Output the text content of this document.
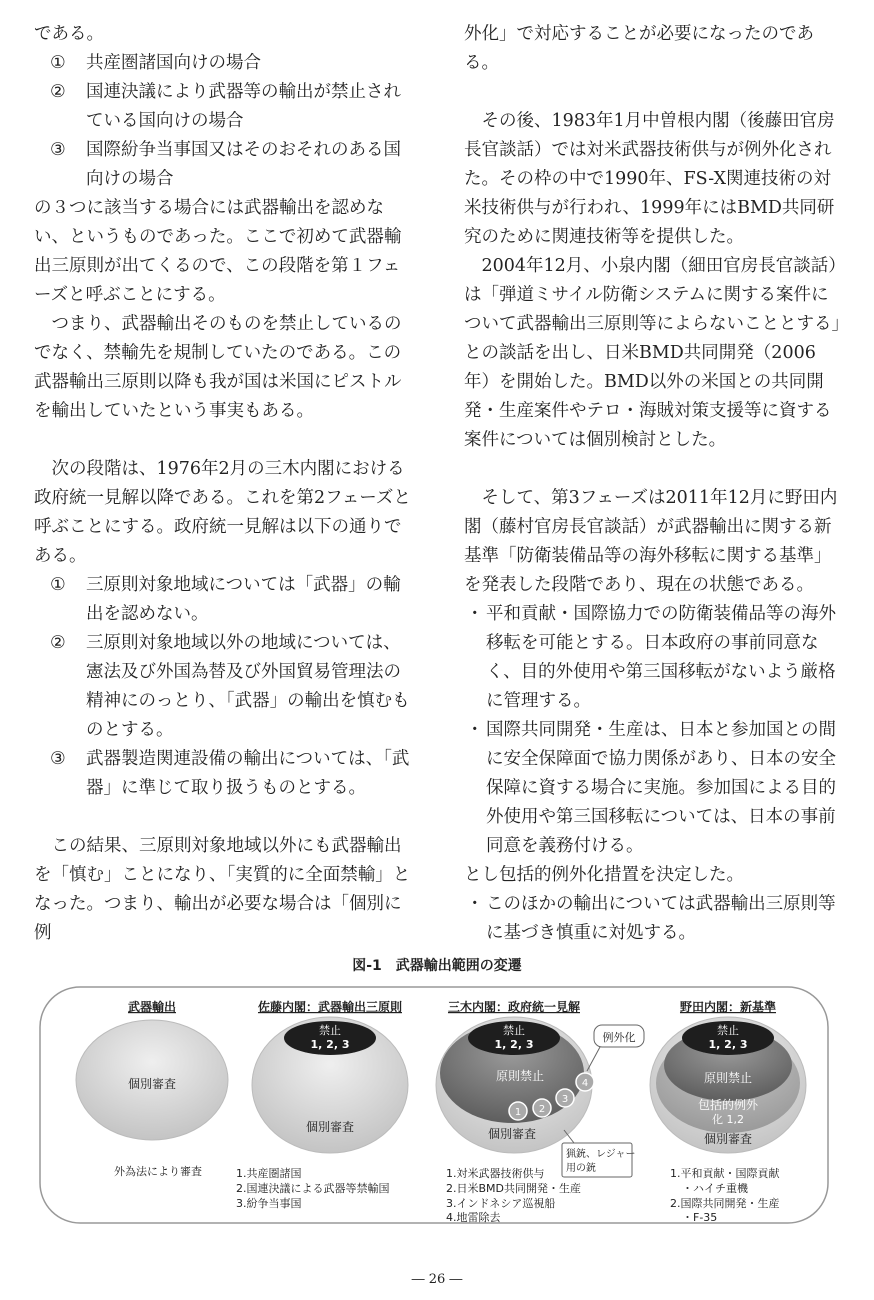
である。

① 共産圏諸国向けの場合
②	国連決議により武器等の輸出が禁止されている国向けの場合
③ 国際紛争当事国又はそのおそれのある国向けの場合

の３つに該当する場合には武器輸出を認めない、というものであった。ここで初めて武器輸出三原則が出てくるので、この段階を第１フェーズと呼ぶことにする。

つまり、武器輸出そのものを禁止しているのでなく、禁輸先を規制していたのである。この武器輸出三原則以降も我が国は米国にピストルを輸出していたという事実もある。

次の段階は、1976年2月の三木内閣における政府統一見解以降である。これを第2フェーズと呼ぶことにする。政府統一見解は以下の通りである。

① 三原則対象地域については「武器」の輸出を認めない。
② 三原則対象地域以外の地域については、憲法及び外国為替及び外国貿易管理法の精神にのっとり、「武器」の輸出を慎むものとする。
③ 武器製造関連設備の輸出については、「武器」に準じて取り扱うものとする。

この結果、三原則対象地域以外にも武器輸出を「慎む」ことになり、「実質的に全面禁輸」となった。つまり、輸出が必要な場合は「個別に例

外化」で対応することが必要になったのである。

その後、1983年1月中曽根内閣（後藤田官房長官談話）では対米武器技術供与が例外化された。その枠の中で1990年、FS-X関連技術の対米技術供与が行われ、1999年にはBMD共同研究のために関連技術等を提供した。

2004年12月、小泉内閣（細田官房長官談話）は「弾道ミサイル防衛システムに関する案件について武器輸出三原則等によらないこととする」との談話を出し、日米BMD共同開発（2006年）を開始した。BMD以外の米国との共同開発・生産案件やテロ・海賊対策支援等に資する案件については個別検討とした。

そして、第3フェーズは2011年12月に野田内閣（藤村官房長官談話）が武器輸出に関する新基準「防衛装備品等の海外移転に関する基準」を発表した段階であり、現在の状態である。

・ 平和貢献・国際協力での防衛装備品等の海外移転を可能とする。日本政府の事前同意なく、目的外使用や第三国移転がないよう厳格に管理する。
・ 国際共同開発・生産は、日本と参加国との間に安全保障面で協力関係があり、日本の安全保障に資する場合に実施。参加国による目的外使用や第三国移転については、日本の事前同意を義務付ける。

とし包括的例外化措置を決定した。

・ このほかの輸出については武器輸出三原則等に基づき慎重に対処する。
図-1　武器輸出範囲の変遷
武器輸出
個別審査
外為法により審査
佐藤内閣：武器輸出三原則
禁止
1, 2, 3
個別審査
1.共産圏諸国
2.国連決議による武器等禁輸国
3.紛争当事国
三木内閣：政府統一見解
禁止
1, 2, 3
原則禁止
1 2
3
4
例外化
個別審査
猟銃、レジャー
用の銃
1.対米武器技術供与
2.日米BMD共同開発・生産
3.インドネシア巡視船
4.地雷除去
野田内閣：新基準
禁止
1, 2, 3
原則禁止
包括的例外
化 1,2
個別審査
1.平和貢献・国際貢献
・ハイチ重機
2.国際共同開発・生産
・F-35
― 26 ―
